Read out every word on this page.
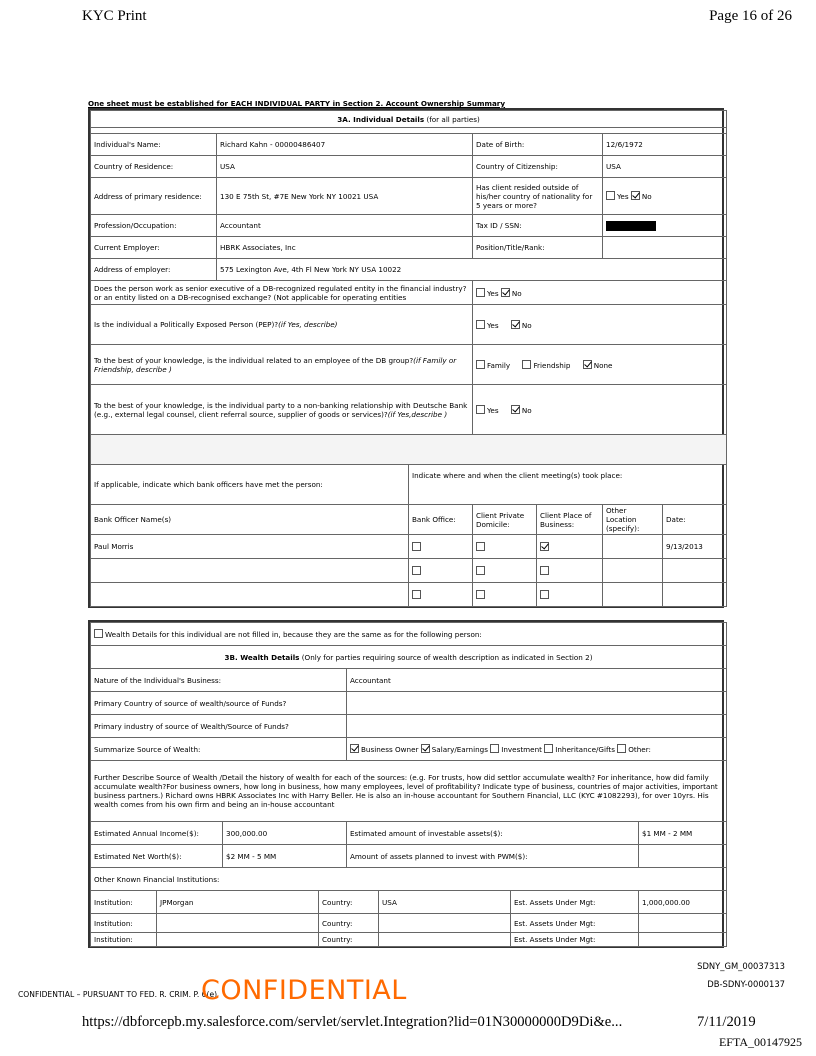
KYC Print	Page 16 of 26
One sheet must be established for EACH INDIVIDUAL PARTY in Section 2. Account Ownership Summary
3A. Individual Details (for all parties)						

Individual's Name:	Richard Kahn - 00000486407		Date of Birth:		12/6/1972	
Country of Residence:	USA		Country of Citizenship:		USA	
Address of primary residence:	130 E 75th St, #7E New York NY 10021 USA		Has client resided outside of his/her country of nationality for 5 years or more?		Yes No	
Profession/Occupation:	Accountant		Tax ID / SSN:			
Current Employer:	HBRK Associates, Inc		Position/Title/Rank:			
Address of employer:	575 Lexington Ave, 4th Fl New York NY USA 10022					
Does the person work as senior executive of a DB-recognized regulated entity in the financial industry? or an entity listed on a DB-recognised exchange? (Not applicable for operating entities			Yes No			
Is the individual a Politically Exposed Person (PEP)?(if Yes, describe)			Yes No			
To the best of your knowledge, is the individual related to an employee of the DB group?(if Family or Friendship, describe )			Family Friendship None			
To the best of your knowledge, is the individual party to a non-banking relationship with Deutsche Bank (e.g., external legal counsel, client referral source, supplier of goods or services)?(if Yes,describe )			Yes No			

If applicable, indicate which bank officers have met the person:		Indicate where and when the client meeting(s) took place:				
Bank Officer Name(s)		Bank Office:	Client Private Domicile:	Client Place of Business:	Other Location (specify):	Date:
Paul Morris						9/13/2013

Wealth Details for this individual are not filled in, because they are the same as for the following person:							
3B. Wealth Details (Only for parties requiring source of wealth description as indicated in Section 2)							
Nature of the Individual's Business:				Accountant			
Primary Country of source of wealth/source of Funds?							
Primary industry of source of Wealth/Source of Funds?							
Summarize Source of Wealth:				Business Owner Salary/Earnings Investment Inheritance/Gifts Other:			
Further Describe Source of Wealth /Detail the history of wealth for each of the sources: (e.g. For trusts, how did settlor accumulate wealth? For inheritance, how did family accumulate wealth?For business owners, how long in business, how many employees, level of profitability? Indicate type of business, countries of major activities, important business partners.) Richard owns HBRK Associates Inc with Harry Beller. He is also an in-house accountant for Southern Financial, LLC (KYC #1082293), for over 10yrs. His wealth comes from his own firm and being an in-house accountant							
Estimated Annual Income($):		300,000.00		Estimated amount of investable assets($):			$1 MM - 2 MM
Estimated Net Worth($):		$2 MM - 5 MM		Amount of assets planned to invest with PWM($):			
Other Known Financial Institutions:							
Institution:	JPMorgan		Country:		USA	Est. Assets Under Mgt:	1,000,000.00
Institution:			Country:			Est. Assets Under Mgt:	
Institution:			Country:			Est. Assets Under Mgt:	
SDNY_GM_00037313
CONFIDENTIAL – PURSUANT TO FED. R. CRIM. P. 6(e)
CONFIDENTIAL	DB-SDNY-0000137
https://dbforcepb.my.salesforce.com/servlet/servlet.Integration?lid=01N30000000D9Di&e...	7/11/2019
EFTA_00147925
